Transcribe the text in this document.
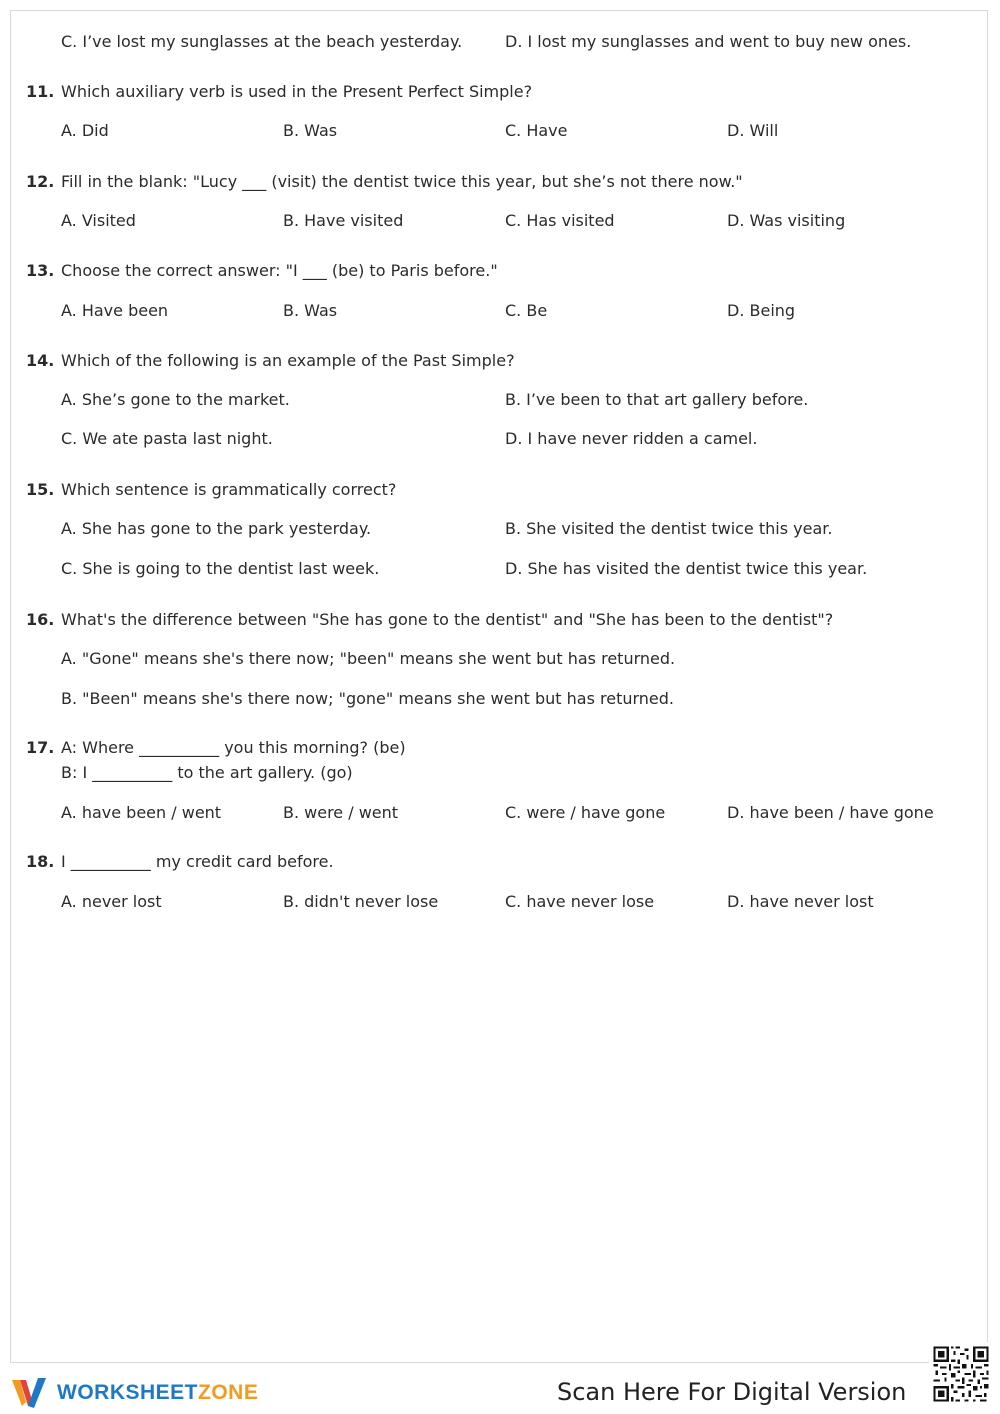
C. I’ve lost my sunglasses at the beach yesterday.	D. I lost my sunglasses and went to buy new ones.
11. Which auxiliary verb is used in the Present Perfect Simple?
A. Did	B. Was	C. Have	D. Will
12. Fill in the blank: "Lucy ___ (visit) the dentist twice this year, but she’s not there now."
A. Visited	B. Have visited	C. Has visited	D. Was visiting
13. Choose the correct answer: "I ___ (be) to Paris before."
A. Have been	B. Was	C. Be	D. Being
14. Which of the following is an example of the Past Simple?
A. She’s gone to the market.	B. I’ve been to that art gallery before.
C. We ate pasta last night.	D. I have never ridden a camel.
15. Which sentence is grammatically correct?
A. She has gone to the park yesterday.	B. She visited the dentist twice this year.
C. She is going to the dentist last week.	D. She has visited the dentist twice this year.
16. What's the difference between "She has gone to the dentist" and "She has been to the dentist"?
A. "Gone" means she's there now; "been" means she went but has returned.
B. "Been" means she's there now; "gone" means she went but has returned.
17. A: Where __________ you this morning? (be)
B: I __________ to the art gallery. (go)
A. have been / went	B. were / went	C. were / have gone	D. have been / have gone
18. I __________ my credit card before.
A. never lost	B. didn't never lose	C. have never lose	D. have never lost
WORKSHEETZONE	Scan Here For Digital Version
